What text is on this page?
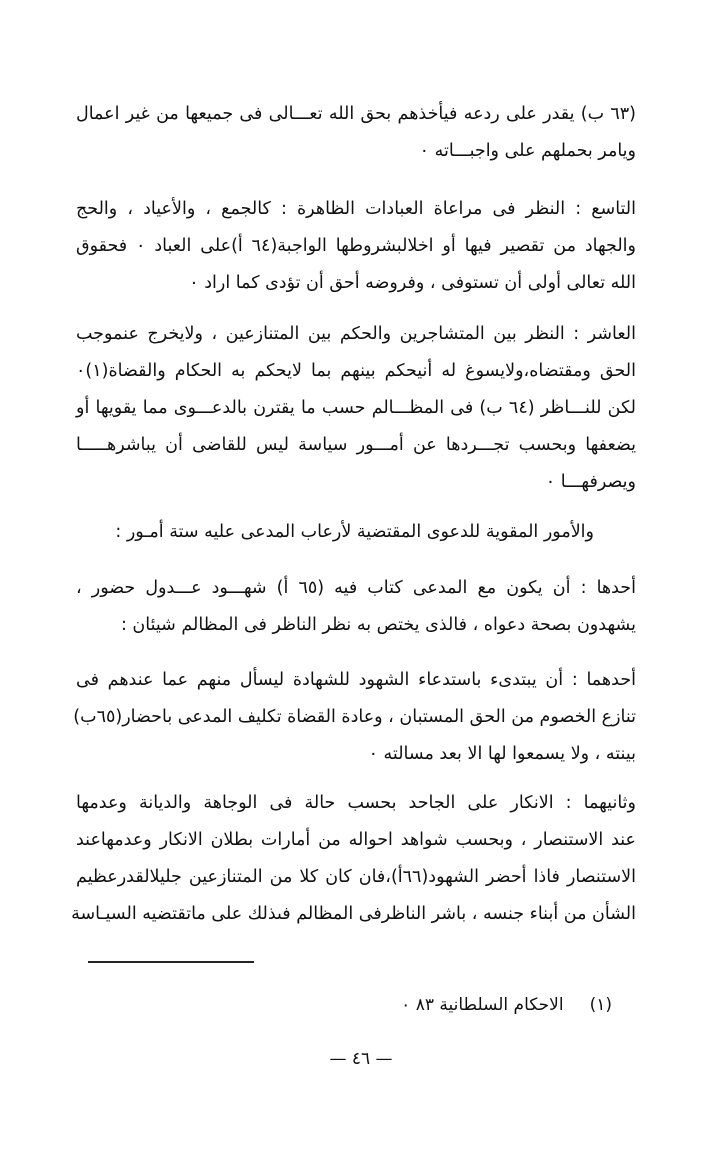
(٦٣ ب) يقدر على ردعه فيأخذهم بحق الله تعـــالى فى جميعها من غير اعمال
ويامر بحملهم على واجبـــاته ٠
التاسع : النظر فى مراعاة العبادات الظاهرة : كالجمع ، والأعياد ، والحج
والجهاد من تقصير فيها أو اخلالبشروطها الواجبة(٦٤ أ)على العباد ٠ فحقوق
الله تعالى أولى أن تستوفى ، وفروضه أحق أن تؤدى كما اراد ٠
العاشر : النظر بين المتشاجرين والحكم بين المتنازعين ، ولايخرج عنموجب
الحق ومقتضاه،ولايسوغ له أنيحكم بينهم بما لايحكم به الحكام والقضاة(١)٠
لكن للنـــاظر (٦٤ ب) فى المظـــالم حسب ما يقترن بالدعـــوى مما يقويها أو
يضعفها وبحسب تجـــردها عن أمـــور سياسة ليس للقاضى أن يباشرهـــــا
ويصرفهـــا ٠
والأمور المقوية للدعوى المقتضية لأرعاب المدعى عليه ستة أمـور :
أحدها : أن يكون مع المدعى كتاب فيه (٦٥ أ) شهـــود عـــدول حضور ،
يشهدون بصحة دعواه ، فالذى يختص به نظر الناظر فى المظالم شيئان :
أحدهما : أن يبتدىء باستدعاء الشهود للشهادة ليسأل منهم عما عندهم فى
تنازع الخصوم من الحق المستبان ، وعادة القضاة تكليف المدعى باحضار(٦٥ب)
بينته ، ولا يسمعوا لها الا بعد مسالته ٠
وثانيهما : الانكار على الجاحد بحسب حالة فى الوجاهة والديانة وعدمها
عند الاستنصار ، وبحسب شواهد احواله من أمارات بطلان الانكار وعدمهاعند
الاستنصار فاذا أحضر الشهود(٦٦أ)،فان كان كلا من المتنازعين جليلالقدرعظيم
الشأن من أبناء جنسه ، باشر الناظرفى المظالم فىذلك على ماتقتضيه السيـاسة
(١)الاحكام السلطانية ٨٣ ٠
— ٤٦ —
